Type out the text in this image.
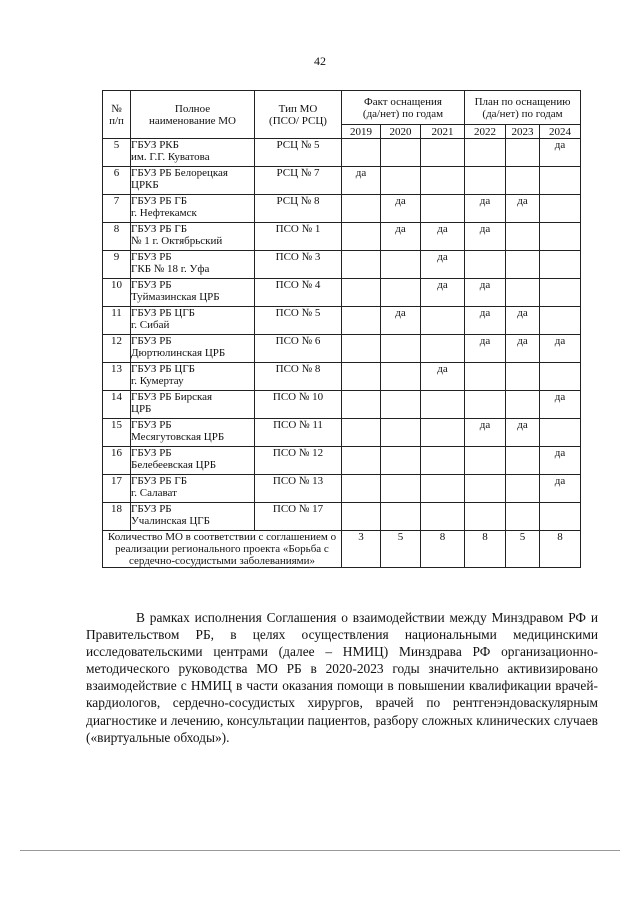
42
№
п/п	Полное
наименование МО	Тип МО
(ПСО/ РСЦ)	Факт оснащения
(да/нет) по годам			План по оснащению
(да/нет) по годам		
			2019	2020	2021	2022	2023	2024
5	ГБУЗ РКБ
им. Г.Г. Куватова	РСЦ № 5						да
6	ГБУЗ РБ Белорецкая
ЦРКБ	РСЦ № 7	да					
7	ГБУЗ РБ ГБ
г. Нефтекамск	РСЦ № 8		да		да	да	
8	ГБУЗ РБ ГБ
№ 1 г. Октябрьский	ПСО № 1		да	да	да		
9	ГБУЗ РБ
ГКБ № 18 г. Уфа	ПСО № 3			да			
10	ГБУЗ РБ
Туймазинская ЦРБ	ПСО № 4			да	да		
11	ГБУЗ РБ ЦГБ
г. Сибай	ПСО № 5		да		да	да	
12	ГБУЗ РБ
Дюртюлинская ЦРБ	ПСО № 6				да	да	да
13	ГБУЗ РБ ЦГБ
г. Кумертау	ПСО № 8			да			
14	ГБУЗ РБ Бирская
ЦРБ	ПСО № 10						да
15	ГБУЗ РБ
Месягутовская ЦРБ	ПСО № 11				да	да	
16	ГБУЗ РБ
Белебеевская ЦРБ	ПСО № 12						да
17	ГБУЗ РБ ГБ
г. Салават	ПСО № 13						да
18	ГБУЗ РБ
Учалинская ЦГБ	ПСО № 17						
Количество МО в соответствии с соглашением о реализации регионального проекта «Борьба с сердечно-сосудистыми заболеваниями»			3	5	8	8	5	8
В рамках исполнения Соглашения о взаимодействии между Минздравом РФ и Правительством РБ, в целях осуществления национальными медицинскими исследовательскими центрами (далее – НМИЦ) Минздрава РФ организационно-методического руководства МО РБ в 2020-2023 годы значительно активизировано взаимодействие с НМИЦ в части оказания помощи в повышении квалификации врачей-кардиологов, сердечно-сосудистых хирургов, врачей по рентгенэндоваскулярным диагностике и лечению, консультации пациентов, разбору сложных клинических случаев («виртуальные обходы»).
